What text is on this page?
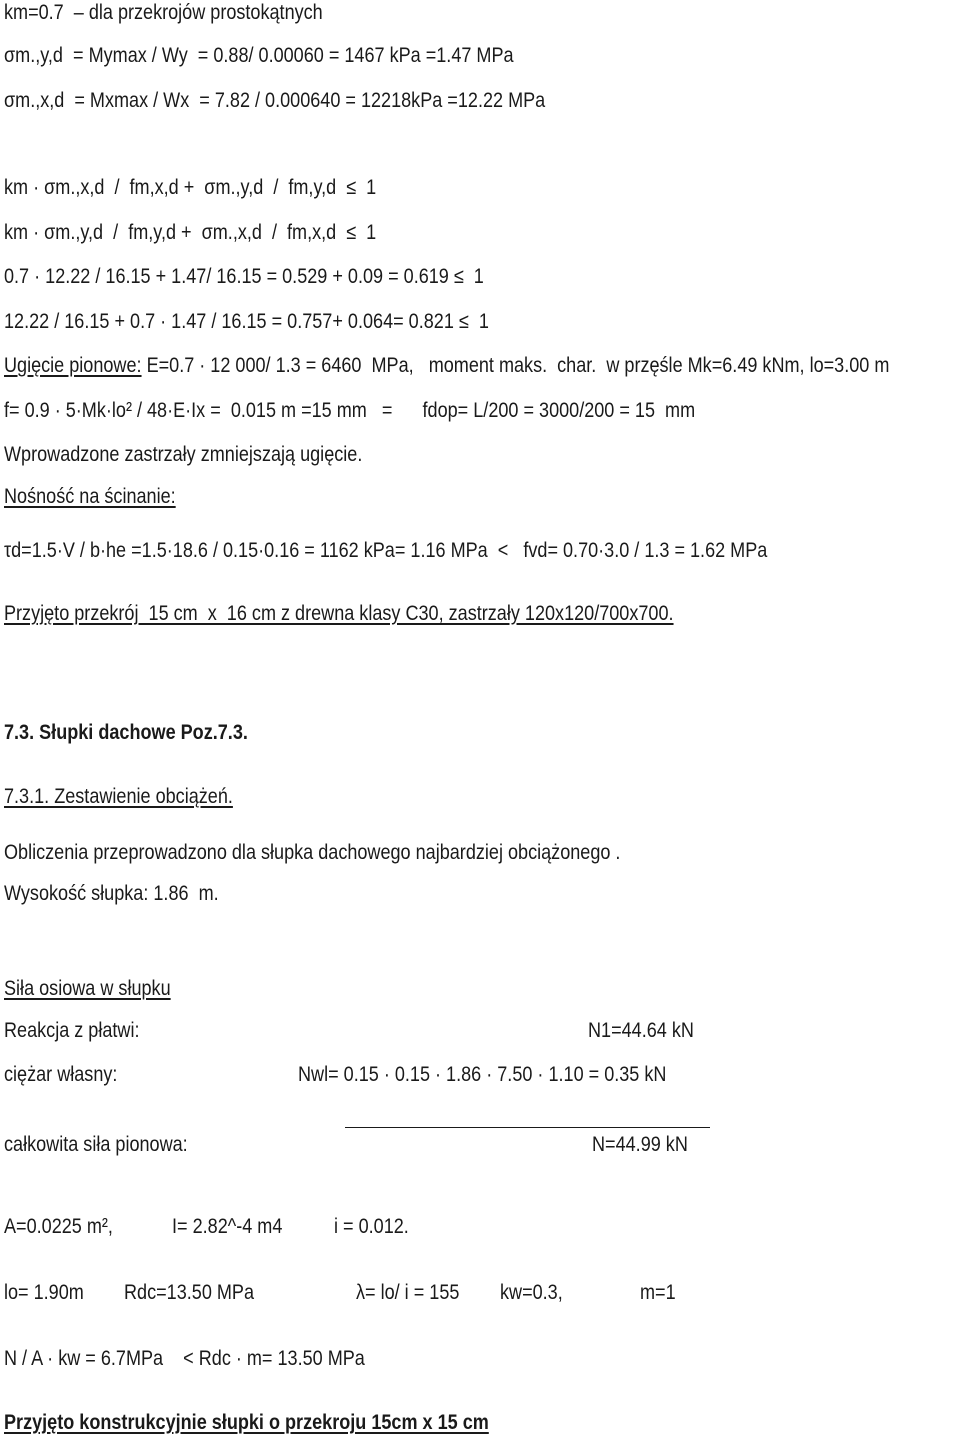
km=0.7  – dla przekrojów prostokątnych
σm.,y,d  = Mymax / Wy  = 0.88/ 0.00060 = 1467 kPa =1.47 MPa
σm.,x,d  = Mxmax / Wx  = 7.82 / 0.000640 = 12218kPa =12.22 MPa
km · σm.,x,d  /  fm,x,d +  σm.,y,d  /  fm,y,d  ≤  1
km · σm.,y,d  /  fm,y,d +  σm.,x,d  /  fm,x,d  ≤  1
0.7 · 12.22 / 16.15 + 1.47/ 16.15 = 0.529 + 0.09 = 0.619 ≤  1
12.22 / 16.15 + 0.7 · 1.47 / 16.15 = 0.757+ 0.064= 0.821 ≤  1
Ugięcie pionowe: E=0.7 · 12 000/ 1.3 = 6460  MPa,   moment maks.  char.  w przęśle Mk=6.49 kNm, lo=3.00 m
f= 0.9 · 5·Mk·lo² / 48·E·Ix =  0.015 m =15 mm   =      fdop= L/200 = 3000/200 = 15  mm
Wprowadzone zastrzały zmniejszają ugięcie.
Nośność na ścinanie:
τd=1.5·V / b·he =1.5·18.6 / 0.15·0.16 = 1162 kPa= 1.16 MPa  <   fvd= 0.70·3.0 / 1.3 = 1.62 MPa
Przyjęto przekrój  15 cm  x  16 cm z drewna klasy C30, zastrzały 120x120/700x700.
7.3. Słupki dachowe Poz.7.3.
7.3.1. Zestawienie obciążeń.
Obliczenia przeprowadzono dla słupka dachowego najbardziej obciążonego .
Wysokość słupka: 1.86  m.
Siła osiowa w słupku
Reakcja z płatwi:	N1=44.64 kN
ciężar własny:	Nwl= 0.15 · 0.15 · 1.86 · 7.50 · 1.10 = 0.35 kN
całkowita siła pionowa:	N=44.99 kN
A=0.0225 m²,	I= 2.82^-4 m4 i = 0.012.
lo= 1.90m Rdc=13.50 MPa	λ= lo/ i = 155 kw=0.3,	m=1
N / A · kw = 6.7MPa    < Rdc · m= 13.50 MPa
Przyjęto konstrukcyjnie słupki o przekroju 15cm x 15 cm
